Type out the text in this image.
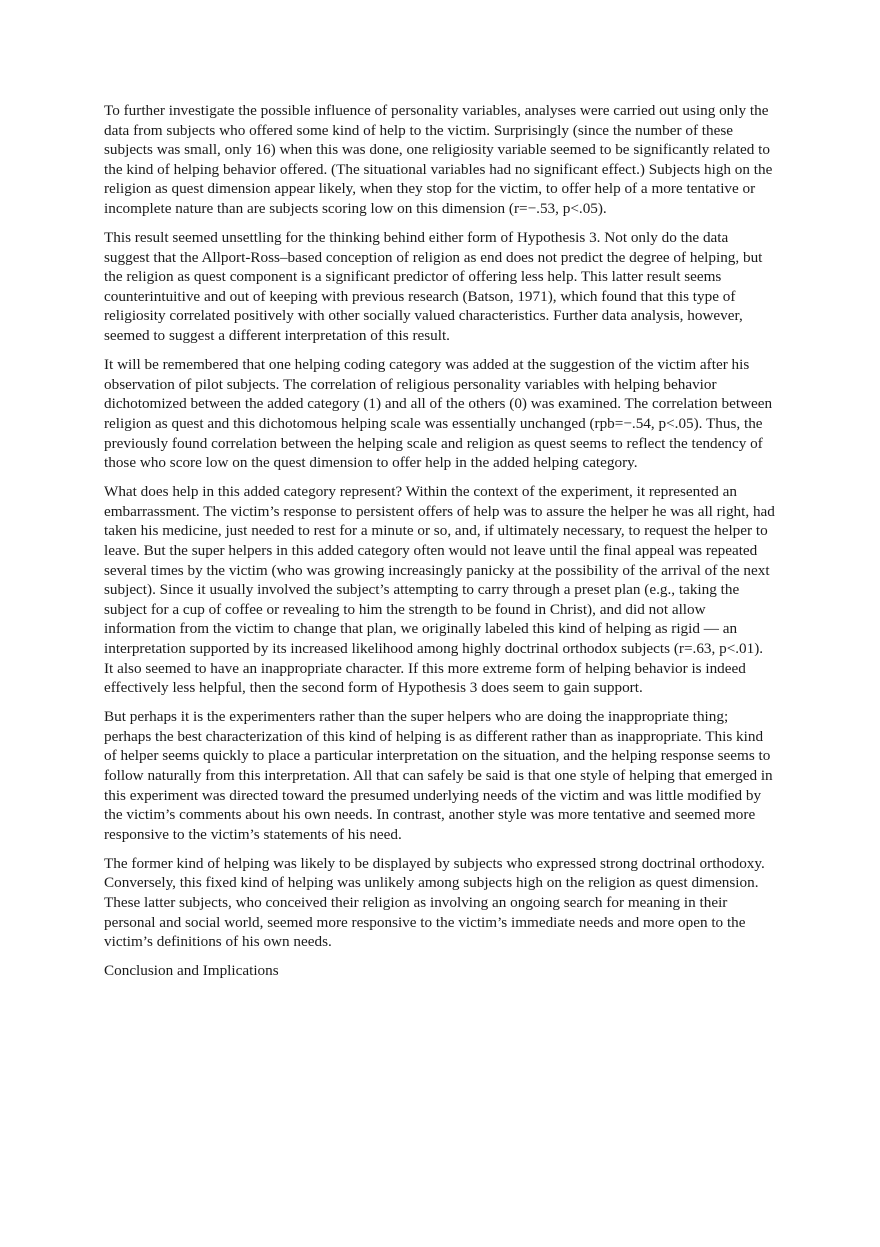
To further investigate the possible influence of personality variables, analyses were carried out using only the data from subjects who offered some kind of help to the victim. Surprisingly (since the number of these subjects was small, only 16) when this was done, one religiosity variable seemed to be significantly related to the kind of helping behavior offered. (The situational variables had no significant effect.) Subjects high on the religion as quest dimension appear likely, when they stop for the victim, to offer help of a more tentative or incomplete nature than are subjects scoring low on this dimension (r=−.53, p<.05).

This result seemed unsettling for the thinking behind either form of Hypothesis 3. Not only do the data suggest that the Allport-Ross–based conception of religion as end does not predict the degree of helping, but the religion as quest component is a significant predictor of offering less help. This latter result seems counterintuitive and out of keeping with previous research (Batson, 1971), which found that this type of religiosity correlated positively with other socially valued characteristics. Further data analysis, however, seemed to suggest a different interpretation of this result.

It will be remembered that one helping coding category was added at the suggestion of the victim after his observation of pilot subjects. The correlation of religious personality variables with helping behavior dichotomized between the added category (1) and all of the others (0) was examined. The correlation between religion as quest and this dichotomous helping scale was essentially unchanged (rpb=−.54, p<.05). Thus, the previously found correlation between the helping scale and religion as quest seems to reflect the tendency of those who score low on the quest dimension to offer help in the added helping category.

What does help in this added category represent? Within the context of the experiment, it represented an embarrassment. The victim’s response to persistent offers of help was to assure the helper he was all right, had taken his medicine, just needed to rest for a minute or so, and, if ultimately necessary, to request the helper to leave. But the super helpers in this added category often would not leave until the final appeal was repeated several times by the victim (who was growing increasingly panicky at the possibility of the arrival of the next subject). Since it usually involved the subject’s attempting to carry through a preset plan (e.g., taking the subject for a cup of coffee or revealing to him the strength to be found in Christ), and did not allow information from the victim to change that plan, we originally labeled this kind of helping as rigid — an interpretation supported by its increased likelihood among highly doctrinal orthodox subjects (r=.63, p<.01). It also seemed to have an inappropriate character. If this more extreme form of helping behavior is indeed effectively less helpful, then the second form of Hypothesis 3 does seem to gain support.

But perhaps it is the experimenters rather than the super helpers who are doing the inappropriate thing; perhaps the best characterization of this kind of helping is as different rather than as inappropriate. This kind of helper seems quickly to place a particular interpretation on the situation, and the helping response seems to follow naturally from this interpretation. All that can safely be said is that one style of helping that emerged in this experiment was directed toward the presumed underlying needs of the victim and was little modified by the victim’s comments about his own needs. In contrast, another style was more tentative and seemed more responsive to the victim’s statements of his need.

The former kind of helping was likely to be displayed by subjects who expressed strong doctrinal orthodoxy. Conversely, this fixed kind of helping was unlikely among subjects high on the religion as quest dimension. These latter subjects, who conceived their religion as involving an ongoing search for meaning in their personal and social world, seemed more responsive to the victim’s immediate needs and more open to the victim’s definitions of his own needs.

Conclusion and Implications
